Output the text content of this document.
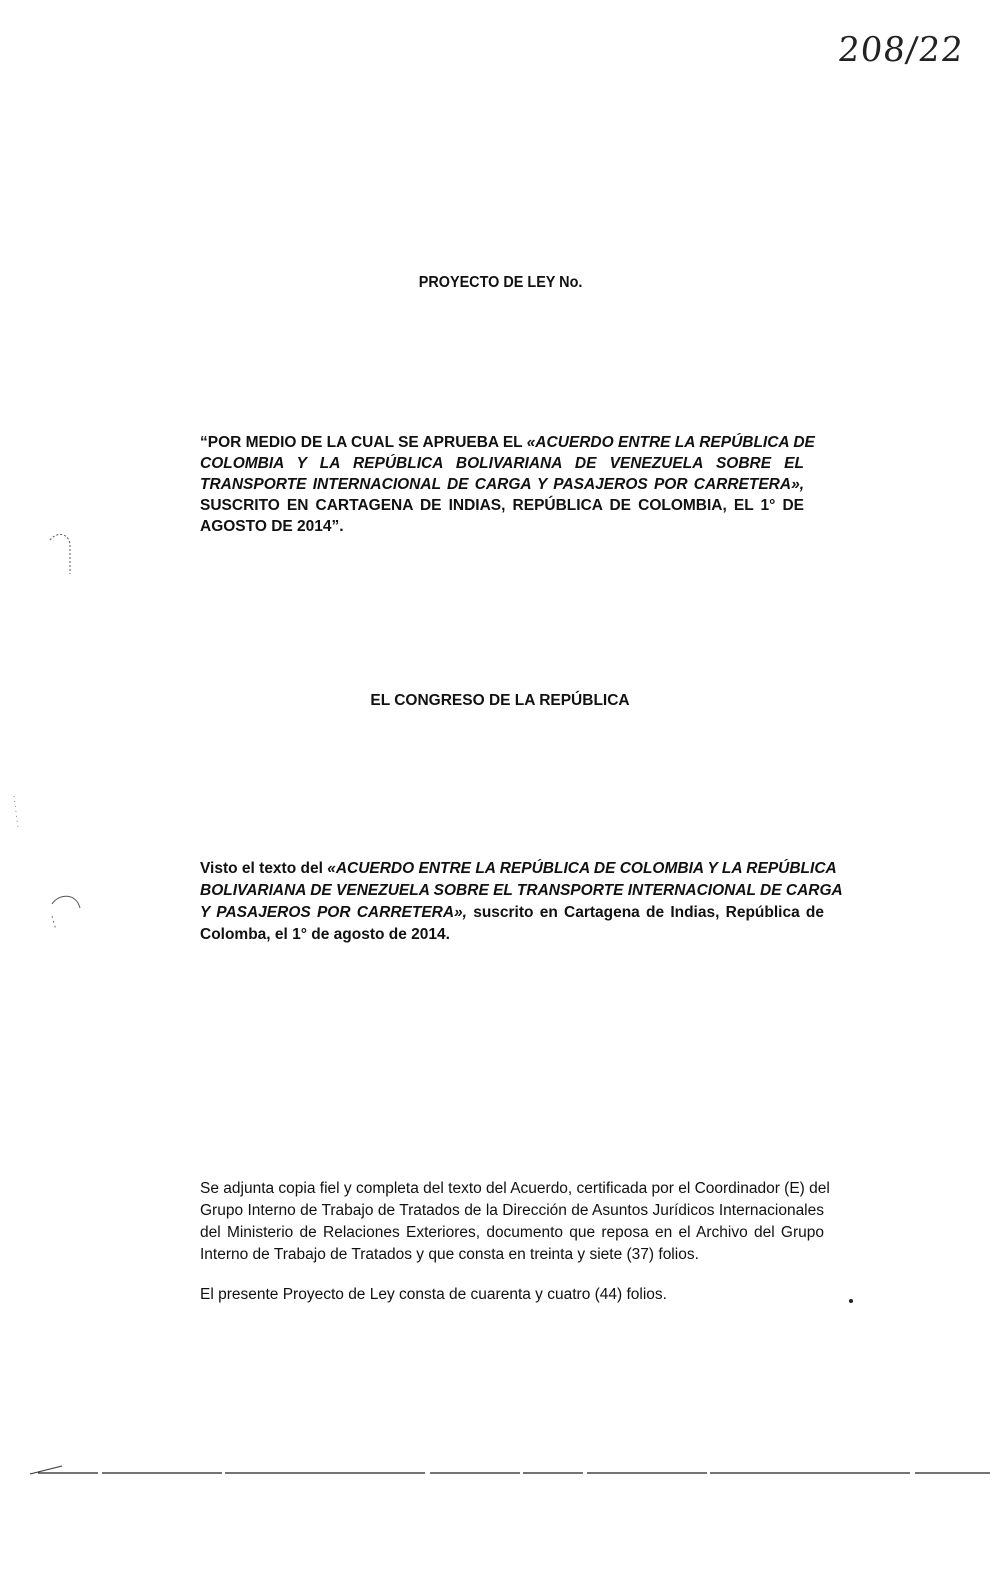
208/22
PROYECTO DE LEY No.
“POR MEDIO DE LA CUAL SE APRUEBA EL «ACUERDO ENTRE LA REPÚBLICA DE
COLOMBIA Y LA REPÚBLICA BOLIVARIANA DE VENEZUELA SOBRE EL
TRANSPORTE INTERNACIONAL DE CARGA Y PASAJEROS POR CARRETERA»,
SUSCRITO EN CARTAGENA DE INDIAS, REPÚBLICA DE COLOMBIA, EL 1° DE
AGOSTO DE 2014”.
EL CONGRESO DE LA REPÚBLICA
Visto el texto del «ACUERDO ENTRE LA REPÚBLICA DE COLOMBIA Y LA REPÚBLICA
BOLIVARIANA DE VENEZUELA SOBRE EL TRANSPORTE INTERNACIONAL DE CARGA
Y PASAJEROS POR CARRETERA», suscrito en Cartagena de Indias, República de
Colomba, el 1° de agosto de 2014.
Se adjunta copia fiel y completa del texto del Acuerdo, certificada por el Coordinador (E) del
Grupo Interno de Trabajo de Tratados de la Dirección de Asuntos Jurídicos Internacionales
del Ministerio de Relaciones Exteriores, documento que reposa en el Archivo del Grupo
Interno de Trabajo de Tratados y que consta en treinta y siete (37) folios.
El presente Proyecto de Ley consta de cuarenta y cuatro (44) folios.
